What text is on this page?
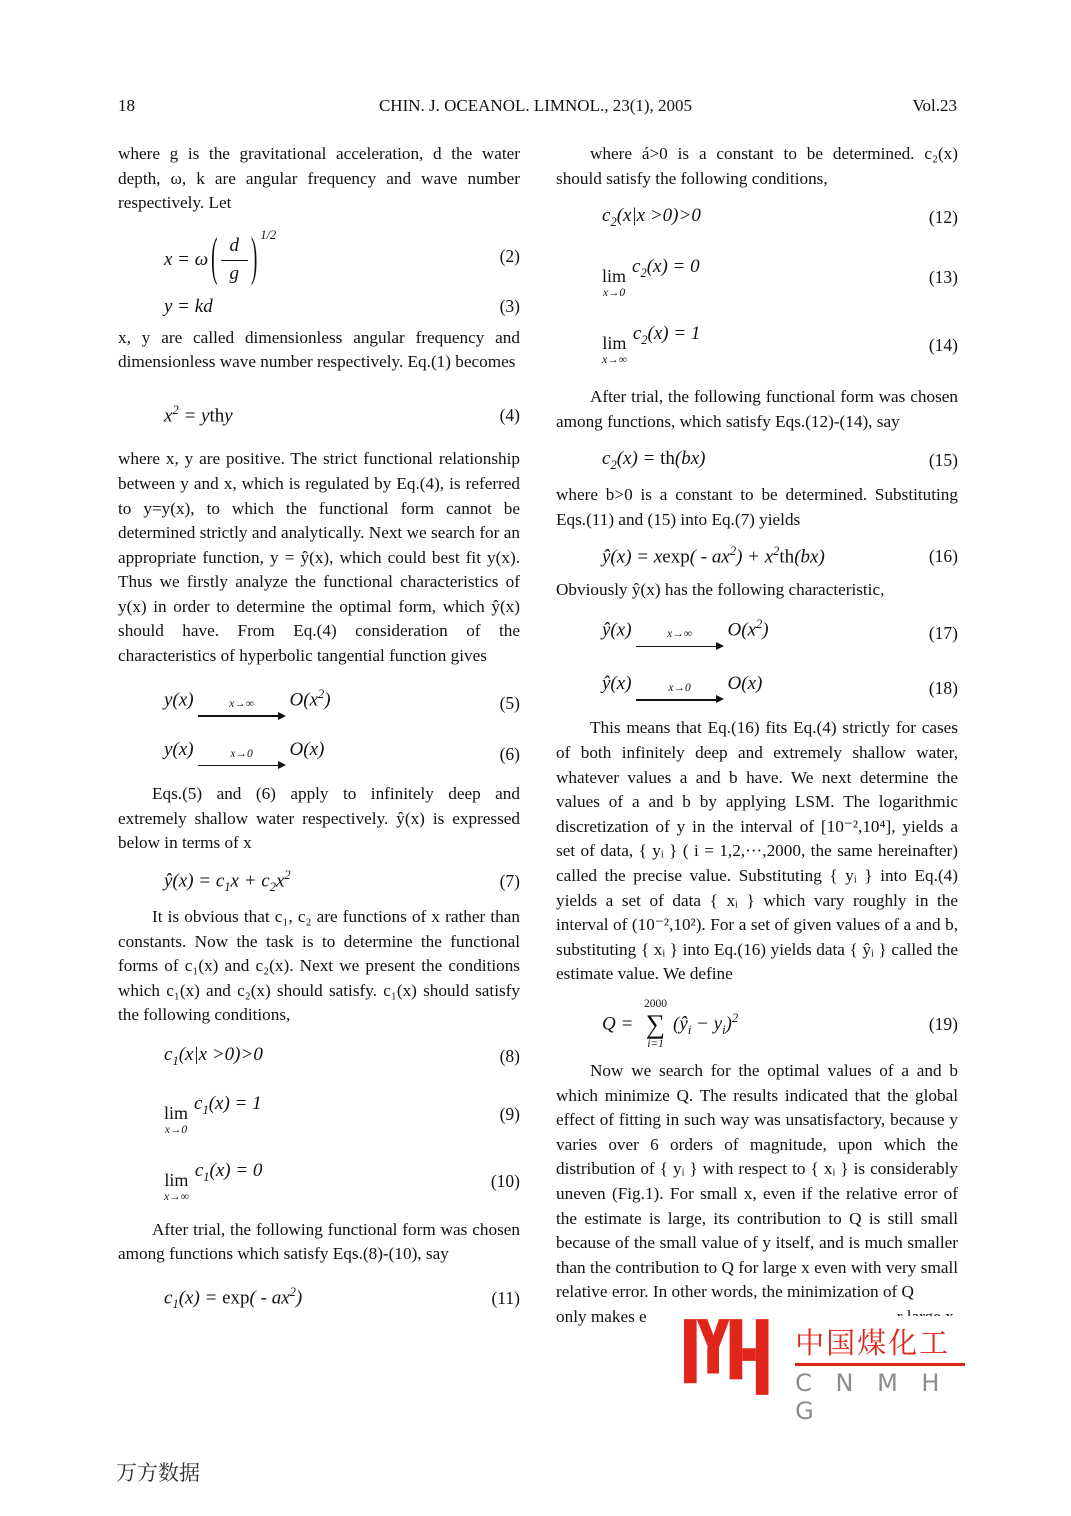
18	CHIN. J. OCEANOL. LIMNOL., 23(1), 2005	Vol.23

where g is the gravitational acceleration, d the water depth, ω, k are angular frequency and wave number respectively. Let

x = ω ( $\frac{d}{g}$ ) $^{1/2}$
(2)
y = kd	(3)

x, y are called dimensionless angular frequency and dimensionless wave number respectively. Eq.(1) becomes

$x^2$ = ythy	(4)

where x, y are positive. The strict functional relationship between y and x, which is regulated by Eq.(4), is referred to y=y(x), to which the functional form cannot be determined strictly and analytically. Next we search for an appropriate function, y = ŷ(x), which could best fit y(x). Thus we firstly analyze the functional characteristics of y(x) in order to determine the optimal form, which ŷ(x) should have. From Eq.(4) consideration of the characteristics of hyperbolic tangential function gives

y(x)	x→∞ $O(x^2)$	(5)
y(x)	x→0 O(x)	(6)

Eqs.(5) and (6) apply to infinitely deep and extremely shallow water respectively. ŷ(x) is expressed below in terms of x

ŷ(x) = $c_1x + c_2x^2$	(7)

It is obvious that c₁, c₂ are functions of x rather than constants. Now the task is to determine the functional forms of c₁(x) and c₂(x). Next we present the conditions which c₁(x) and c₂(x) should satisfy. c₁(x) should satisfy the following conditions,

$c_1(x|x >0)>0$	(8)
lim
x→0
$c_1(x) = 1$
(9)
lim
x→∞
$c_1(x) = 0$
(10)

After trial, the following functional form was chosen among functions which satisfy Eqs.(8)-(10), say

$c_1(x) = \exp( - ax^2)$	(11)

where á>0 is a constant to be determined. c₂(x) should satisfy the following conditions,

$c_2(x|x >0)>0$	(12)
lim
x→0
$c_2(x) = 0$
(13)
lim
x→∞
$c_2(x) = 1$
(14)

After trial, the following functional form was chosen among functions, which satisfy Eqs.(12)-(14), say

$c_2(x) = th(bx)$	(15)

where b>0 is a constant to be determined. Substituting Eqs.(11) and (15) into Eq.(7) yields

ŷ(x) = $xexp( - ax^2) + x^2th(bx)$	(16)

Obviously ŷ(x) has the following characteristic,

ŷ(x)	x→∞ $O(x^2)$	(17)
ŷ(x)	x→0 O(x)	(18)

This means that Eq.(16) fits Eq.(4) strictly for cases of both infinitely deep and extremely shallow water, whatever values a and b have. We next determine the values of a and b by applying LSM. The logarithmic discretization of y in the interval of [10⁻²,10⁴], yields a set of data, { yᵢ } ( i = 1,2,···,2000, the same hereinafter) called the precise value. Substituting { yᵢ } into Eq.(4) yields a set of data { xᵢ } which vary roughly in the interval of (10⁻²,10²). For a set of given values of a and b, substituting { xᵢ } into Eq.(16) yields data { ŷᵢ } called the estimate value. We define

Q =
2000
∑
i=1
$(ŷ_i - y_i)^2$	(19)

Now we search for the optimal values of a and b which minimize Q. The results indicated that the global effect of fitting in such way was unsatisfactory, because y varies over 6 orders of magnitude, upon which the distribution of { yᵢ } with respect to { xᵢ } is considerably uneven (Fig.1). For small x, even if the relative error of the estimate is large, its contribution to Q is still small because of the small value of y itself, and is much smaller than the contribution to Q for large x even with very small relative error. In other words, the minimization of Q

only makes e
中国煤化工
C N M H G
万方数据
